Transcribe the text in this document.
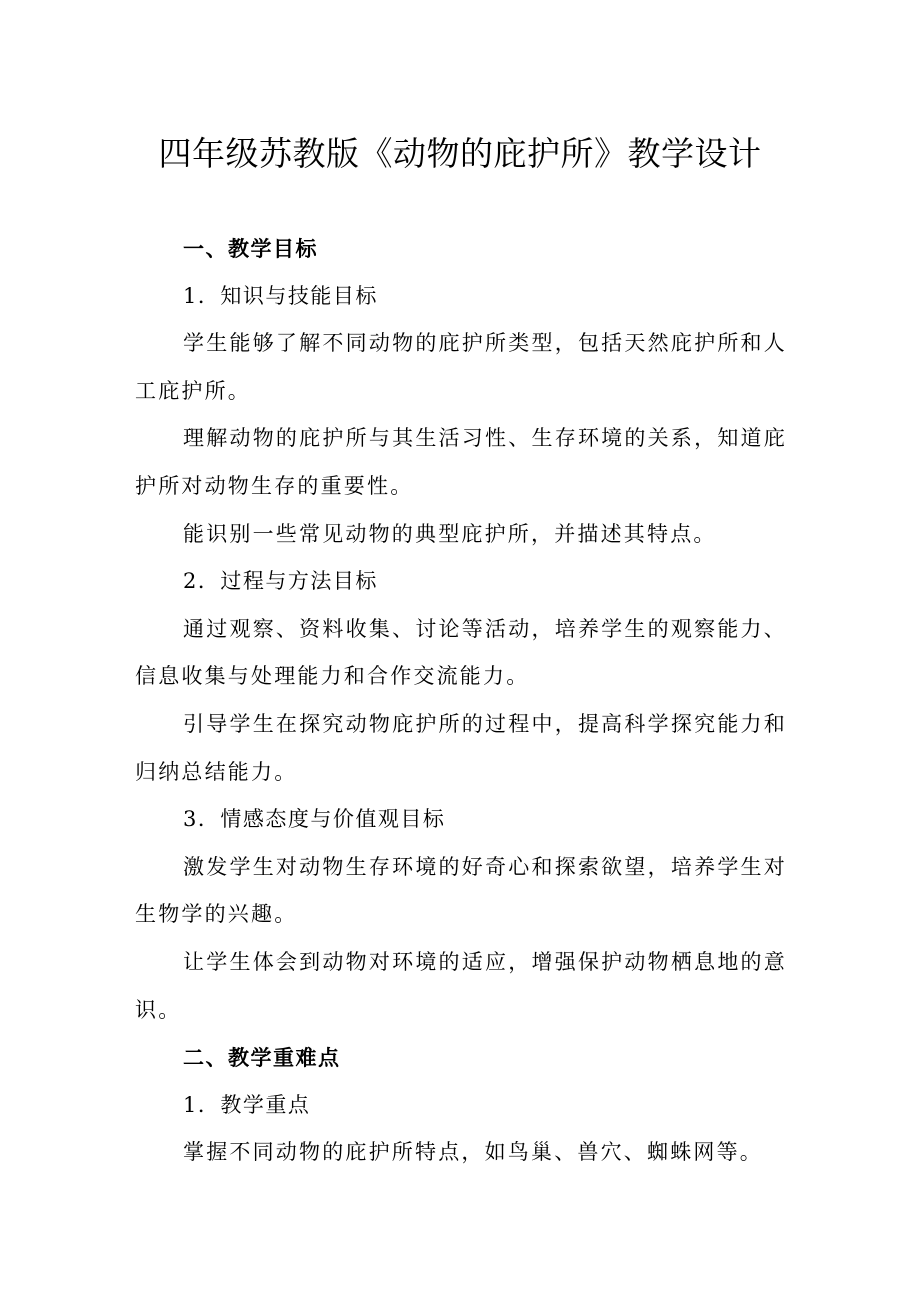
四年级苏教版《动物的庇护所》教学设计

一、教学目标

1．知识与技能目标

学生能够了解不同动物的庇护所类型，包括天然庇护所和人工庇护所。

理解动物的庇护所与其生活习性、生存环境的关系，知道庇护所对动物生存的重要性。

能识别一些常见动物的典型庇护所，并描述其特点。

2．过程与方法目标

通过观察、资料收集、讨论等活动，培养学生的观察能力、信息收集与处理能力和合作交流能力。

引导学生在探究动物庇护所的过程中，提高科学探究能力和归纳总结能力。

3．情感态度与价值观目标

激发学生对动物生存环境的好奇心和探索欲望，培养学生对生物学的兴趣。

让学生体会到动物对环境的适应，增强保护动物栖息地的意识。

二、教学重难点

1．教学重点

掌握不同动物的庇护所特点，如鸟巢、兽穴、蜘蛛网等。
